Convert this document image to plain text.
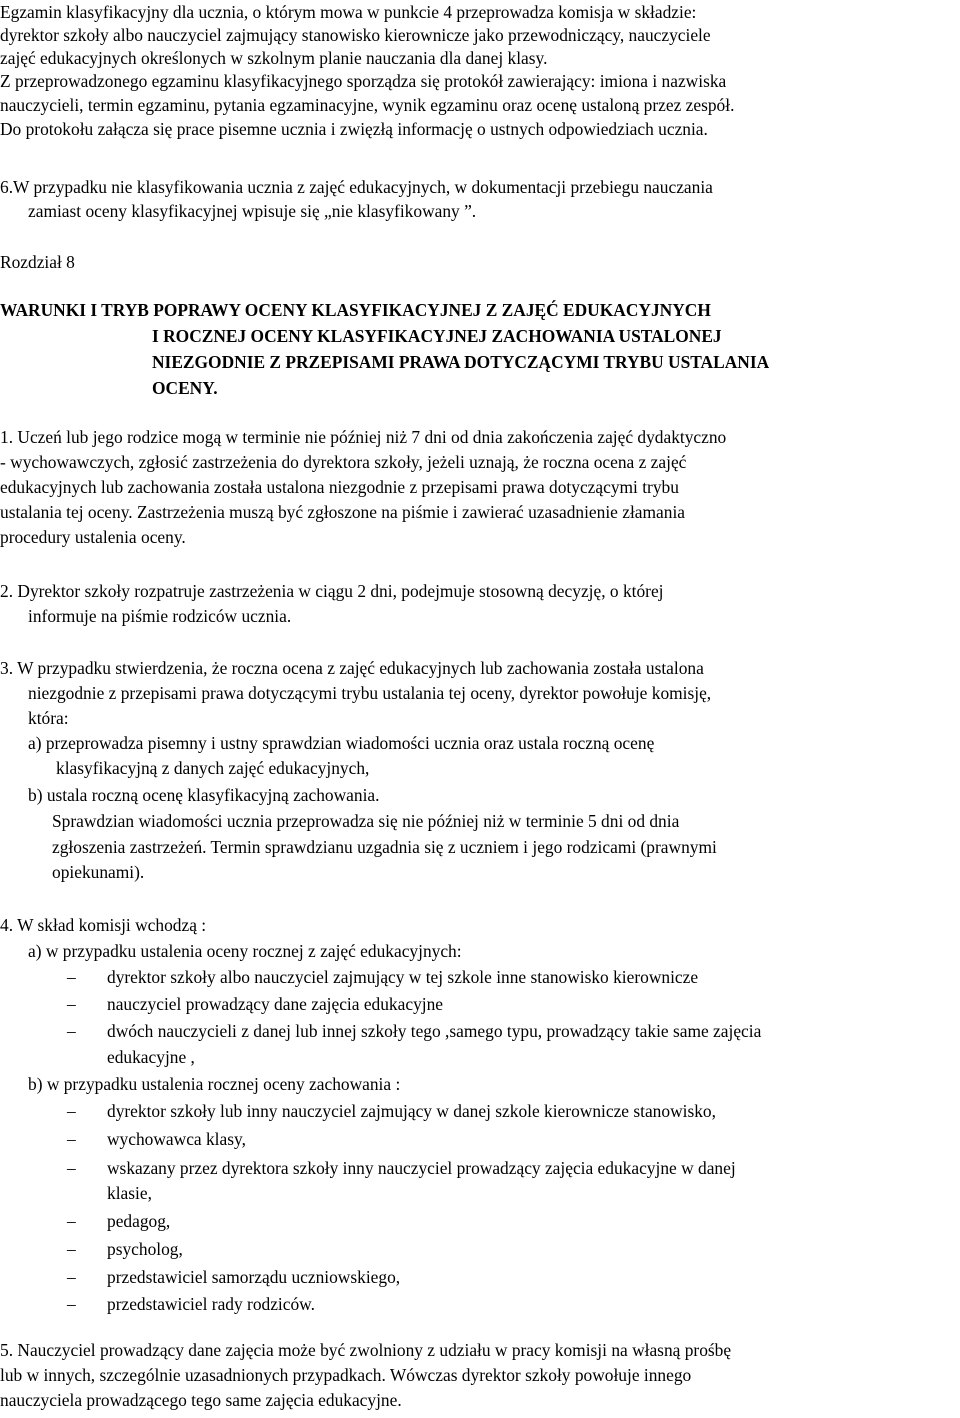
Egzamin klasyfikacyjny dla ucznia, o którym mowa w punkcie 4 przeprowadza komisja w składzie:
dyrektor szkoły albo nauczyciel zajmujący stanowisko kierownicze jako przewodniczący, nauczyciele
zajęć edukacyjnych określonych w szkolnym planie nauczania dla danej klasy.
Z przeprowadzonego egzaminu klasyfikacyjnego sporządza się protokół zawierający: imiona i nazwiska
nauczycieli, termin egzaminu, pytania egzaminacyjne, wynik egzaminu oraz ocenę ustaloną przez zespół.
Do protokołu załącza się prace pisemne ucznia i zwięzłą informację o ustnych odpowiedziach ucznia.
6.W przypadku nie klasyfikowania ucznia z zajęć edukacyjnych, w dokumentacji przebiegu nauczania
zamiast oceny klasyfikacyjnej wpisuje się „nie klasyfikowany ”.
Rozdział 8
WARUNKI I TRYB POPRAWY OCENY KLASYFIKACYJNEJ Z ZAJĘĆ EDUKACYJNYCH
I ROCZNEJ OCENY KLASYFIKACYJNEJ ZACHOWANIA USTALONEJ
NIEZGODNIE Z PRZEPISAMI PRAWA DOTYCZĄCYMI TRYBU USTALANIA
OCENY.
1. Uczeń lub jego rodzice mogą w terminie nie później niż 7 dni od dnia zakończenia zajęć dydaktyczno
- wychowawczych, zgłosić zastrzeżenia do dyrektora szkoły, jeżeli uznają, że roczna ocena z zajęć
edukacyjnych lub zachowania została ustalona niezgodnie z przepisami prawa dotyczącymi trybu
ustalania tej oceny. Zastrzeżenia muszą być zgłoszone na piśmie i zawierać uzasadnienie złamania
procedury ustalenia oceny.
2. Dyrektor szkoły rozpatruje zastrzeżenia w ciągu 2 dni, podejmuje stosowną decyzję, o której
informuje na piśmie rodziców ucznia.
3. W przypadku stwierdzenia, że roczna ocena z zajęć edukacyjnych lub zachowania została ustalona
niezgodnie z przepisami prawa dotyczącymi trybu ustalania tej oceny, dyrektor powołuje komisję,
która:
a) przeprowadza pisemny i ustny sprawdzian wiadomości ucznia oraz ustala roczną ocenę
klasyfikacyjną z danych zajęć edukacyjnych,
b) ustala roczną ocenę klasyfikacyjną zachowania.
Sprawdzian wiadomości ucznia przeprowadza się nie później niż w terminie 5 dni od dnia
zgłoszenia zastrzeżeń. Termin sprawdzianu uzgadnia się z uczniem i jego rodzicami (prawnymi
opiekunami).
4. W skład komisji wchodzą :
a) w przypadku ustalenia oceny rocznej z zajęć edukacyjnych:
–	dyrektor szkoły albo nauczyciel zajmujący w tej szkole inne stanowisko kierownicze
–	nauczyciel prowadzący dane zajęcia edukacyjne
–	dwóch nauczycieli z danej lub innej szkoły tego ,samego typu, prowadzący takie same zajęcia
edukacyjne ,
b) w przypadku ustalenia rocznej oceny zachowania :
–	dyrektor szkoły lub inny nauczyciel zajmujący w danej szkole kierownicze stanowisko,
–	wychowawca klasy,
–	wskazany przez dyrektora szkoły inny nauczyciel prowadzący zajęcia edukacyjne w danej
klasie,
–	pedagog,
–	psycholog,
–	przedstawiciel samorządu uczniowskiego,
–	przedstawiciel rady rodziców.
5. Nauczyciel prowadzący dane zajęcia może być zwolniony z udziału w pracy komisji na własną prośbę
lub w innych, szczególnie uzasadnionych przypadkach. Wówczas dyrektor szkoły powołuje innego
nauczyciela prowadzącego tego same zajęcia edukacyjne.
